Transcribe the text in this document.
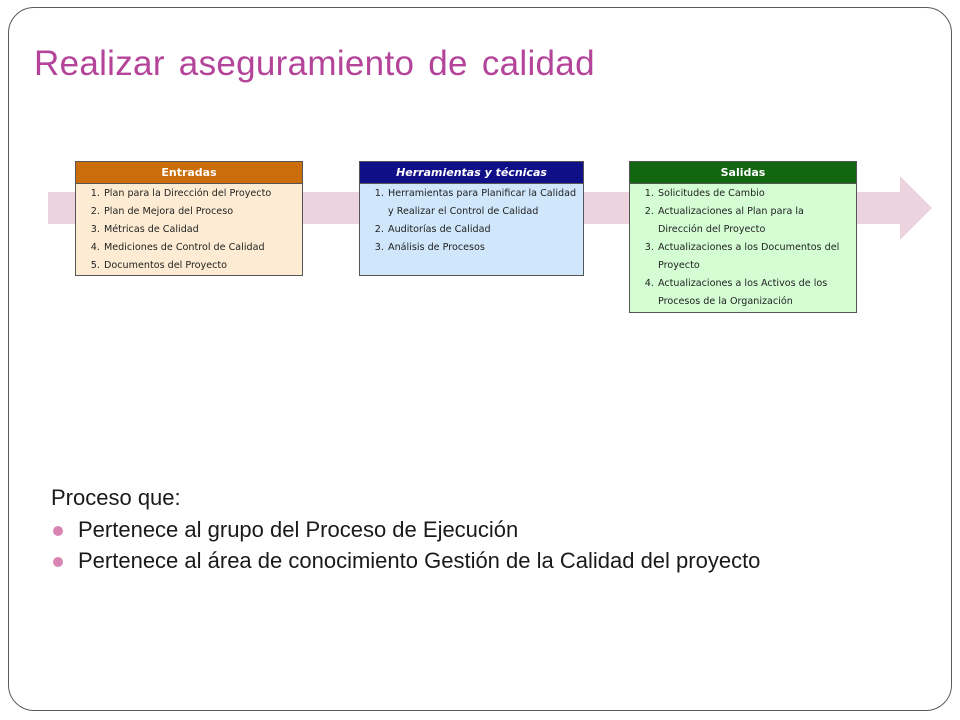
Realizar aseguramiento de calidad
Entradas
1. Plan para la Dirección del Proyecto
2. Plan de Mejora del Proceso
3. Métricas de Calidad
4. Mediciones de Control de Calidad
5. Documentos del Proyecto
Herramientas y técnicas
1. Herramientas para Planificar la Calidad y Realizar el Control de Calidad
2. Auditorías de Calidad
3. Análisis de Procesos
Salidas
1. Solicitudes de Cambio
2. Actualizaciones al Plan para la Dirección del Proyecto
3. Actualizaciones a los Documentos del Proyecto
4. Actualizaciones a los Activos de los Procesos de la Organización

Proceso que:

Pertenece al grupo del Proceso de Ejecución
Pertenece al área de conocimiento Gestión de la Calidad del proyecto
